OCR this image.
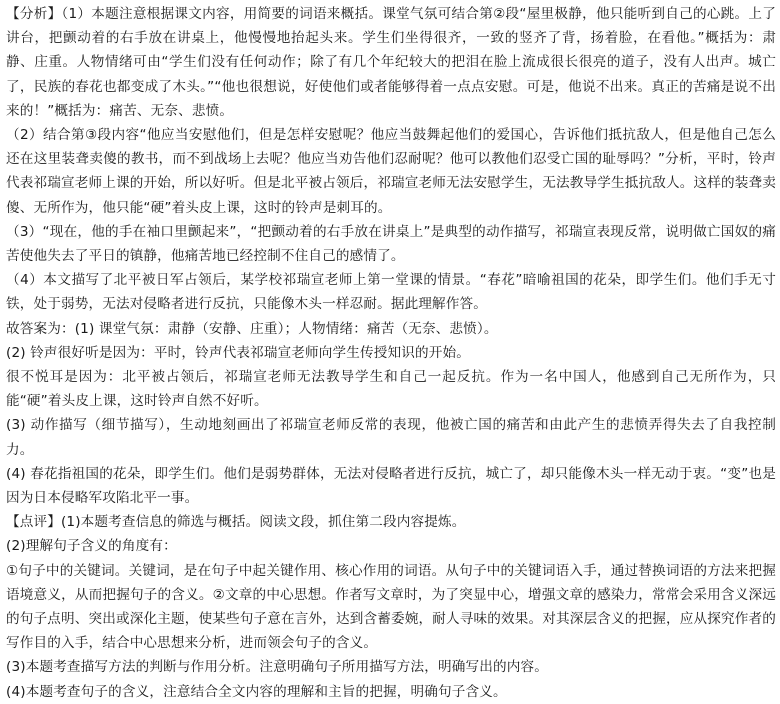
【分析】（1）本题注意根据课文内容，用简要的词语来概括。课堂气氛可结合第②段“屋里极静，他只能听到自己的心跳。上了讲台，把颤动着的右手放在讲桌上，他慢慢地抬起头来。学生们坐得很齐，一致的竖齐了背，扬着脸，在看他。”概括为：肃静、庄重。人物情绪可由“学生们没有任何动作；除了有几个年纪较大的把泪在脸上流成很长很亮的道子，没有人出声。城亡了，民族的春花也都变成了木头。”“他也很想说，好使他们或者能够得着一点点安慰。可是，他说不出来。真正的苦痛是说不出来的！”概括为：痛苦、无奈、悲愤。

（2）结合第③段内容“他应当安慰他们，但是怎样安慰呢？他应当鼓舞起他们的爱国心，告诉他们抵抗敌人，但是他自己怎么还在这里装聋卖傻的教书，而不到战场上去呢？他应当劝告他们忍耐呢？他可以教他们忍受亡国的耻辱吗？”分析，平时，铃声代表祁瑞宣老师上课的开始，所以好听。但是北平被占领后，祁瑞宣老师无法安慰学生，无法教导学生抵抗敌人。这样的装聋卖傻、无所作为，他只能“硬”着头皮上课，这时的铃声是刺耳的。

（3）“现在，他的手在袖口里颤起来”，“把颤动着的右手放在讲桌上”是典型的动作描写，祁瑞宣表现反常，说明做亡国奴的痛苦使他失去了平日的镇静，他痛苦地已经控制不住自己的感情了。

（4）本文描写了北平被日军占领后，某学校祁瑞宣老师上第一堂课的情景。“春花”暗喻祖国的花朵，即学生们。他们手无寸铁，处于弱势，无法对侵略者进行反抗，只能像木头一样忍耐。据此理解作答。

故答案为：(1) 课堂气氛：肃静（安静、庄重）；人物情绪：痛苦（无奈、悲愤）。

(2) 铃声很好听是因为：平时，铃声代表祁瑞宣老师向学生传授知识的开始。

很不悦耳是因为：北平被占领后，祁瑞宣老师无法教导学生和自己一起反抗。作为一名中国人，他感到自己无所作为，只能“硬”着头皮上课，这时铃声自然不好听。

(3) 动作描写（细节描写），生动地刻画出了祁瑞宣老师反常的表现，他被亡国的痛苦和由此产生的悲愤弄得失去了自我控制力。

(4) 春花指祖国的花朵，即学生们。他们是弱势群体，无法对侵略者进行反抗，城亡了，却只能像木头一样无动于衷。“变”也是因为日本侵略军攻陷北平一事。

【点评】(1)本题考查信息的筛选与概括。阅读文段，抓住第二段内容提炼。

(2)理解句子含义的角度有：

①句子中的关键词。关键词，是在句子中起关键作用、核心作用的词语。从句子中的关键词语入手，通过替换词语的方法来把握语境意义，从而把握句子的含义。②文章的中心思想。作者写文章时，为了突显中心，增强文章的感染力，常常会采用含义深远的句子点明、突出或深化主题，使某些句子意在言外，达到含蓄委婉，耐人寻味的效果。对其深层含义的把握，应从探究作者的写作目的入手，结合中心思想来分析，进而领会句子的含义。

(3)本题考查描写方法的判断与作用分析。注意明确句子所用描写方法，明确写出的内容。

(4)本题考查句子的含义，注意结合全文内容的理解和主旨的把握，明确句子含义。
